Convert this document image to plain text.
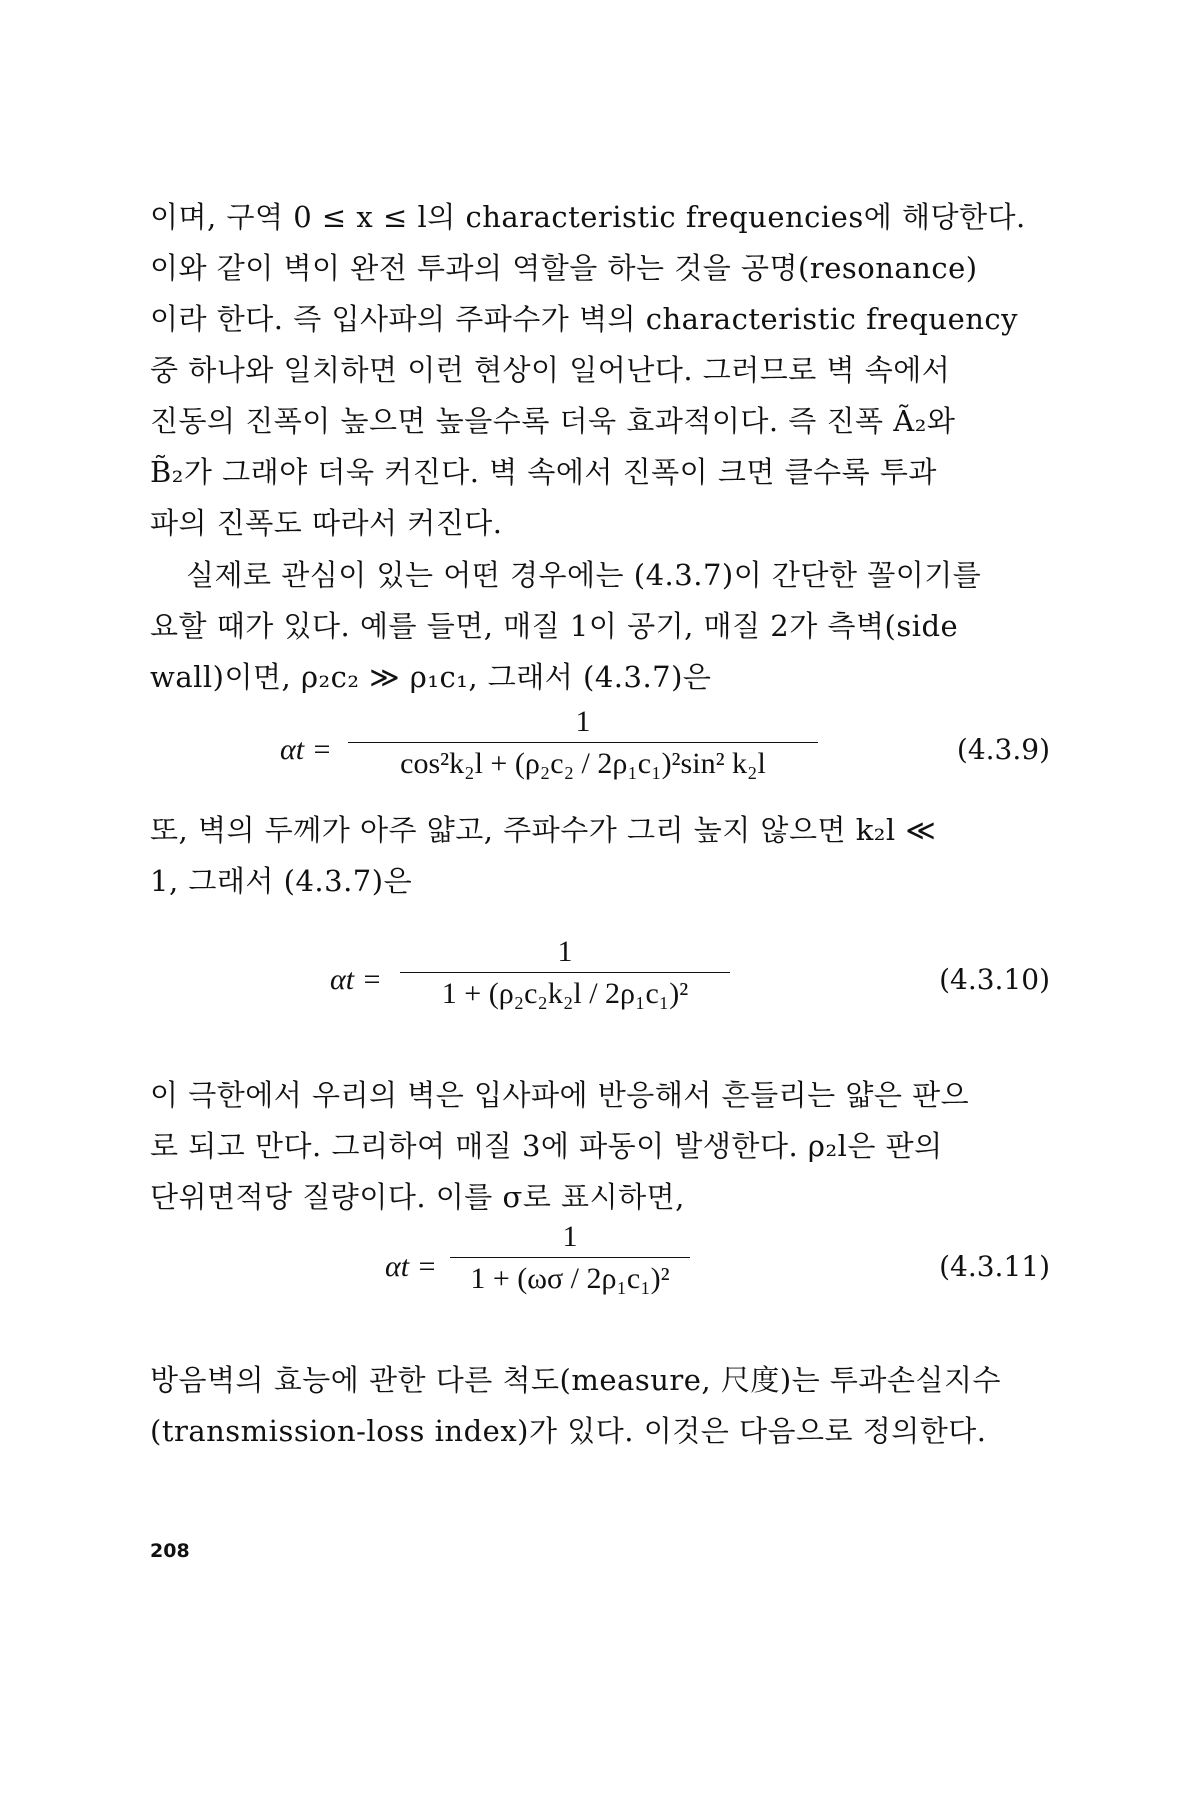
이며, 구역 0 ≤ x ≤ l의 characteristic frequencies에 해당한다.
이와 같이 벽이 완전 투과의 역할을 하는 것을 공명(resonance)
이라 한다. 즉 입사파의 주파수가 벽의 characteristic frequency
중 하나와 일치하면 이런 현상이 일어난다. 그러므로 벽 속에서
진동의 진폭이 높으면 높을수록 더욱 효과적이다. 즉 진폭 Ã₂와
B̃₂가 그래야 더욱 커진다. 벽 속에서 진폭이 크면 클수록 투과
파의 진폭도 따라서 커진다.
실제로 관심이 있는 어떤 경우에는 (4.3.7)이 간단한 꼴이기를
요할 때가 있다. 예를 들면, 매질 1이 공기, 매질 2가 측벽(side
wall)이면, ρ₂c₂ ≫ ρ₁c₁, 그래서 (4.3.7)은
αt =
1
cos²k₂l + (ρ₂c₂ / 2ρ₁c₁)²sin² k₂l	(4.3.9)
또, 벽의 두께가 아주 얇고, 주파수가 그리 높지 않으면 k₂l ≪
1, 그래서 (4.3.7)은
αt =
1
1 + (ρ₂c₂k₂l / 2ρ₁c₁)²	(4.3.10)
이 극한에서 우리의 벽은 입사파에 반응해서 흔들리는 얇은 판으
로 되고 만다. 그리하여 매질 3에 파동이 발생한다. ρ₂l은 판의
단위면적당 질량이다. 이를 σ로 표시하면,
αt =
1
1 + (ωσ / 2ρ₁c₁)²	(4.3.11)
방음벽의 효능에 관한 다른 척도(measure, 尺度)는 투과손실지수
(transmission-loss index)가 있다. 이것은 다음으로 정의한다.
208
